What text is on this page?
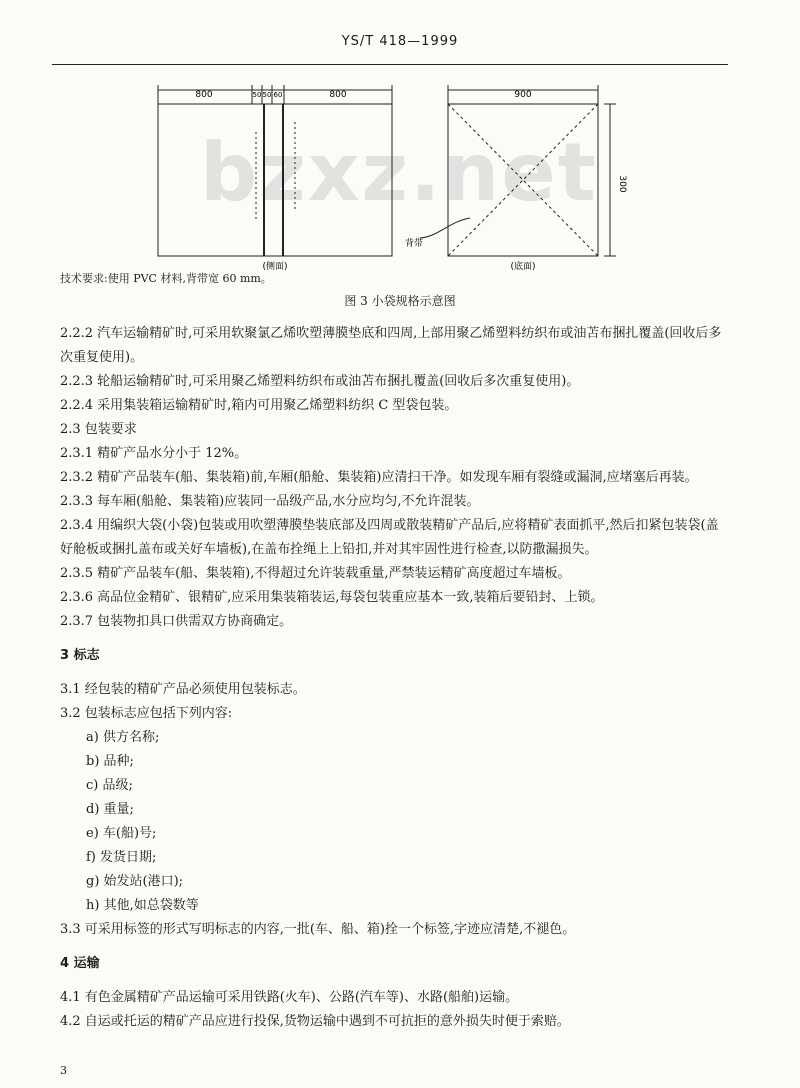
YS/T 418—1999
bzxz.net
800	50 50 60	800
(侧面)
900
300
背带
(底面)
技术要求:使用 PVC 材料,背带宽 60 mm。
图 3 小袋规格示意图

2.2.2 汽车运输精矿时,可采用软聚氯乙烯吹塑薄膜垫底和四周,上部用聚乙烯塑料纺织布或油苫布捆扎覆盖(回收后多次重复使用)。

2.2.3 轮船运输精矿时,可采用聚乙烯塑料纺织布或油苫布捆扎覆盖(回收后多次重复使用)。

2.2.4 采用集装箱运输精矿时,箱内可用聚乙烯塑料纺织 C 型袋包装。

2.3 包装要求

2.3.1 精矿产品水分小于 12%。

2.3.2 精矿产品装车(船、集装箱)前,车厢(船舱、集装箱)应清扫干净。如发现车厢有裂缝或漏洞,应堵塞后再装。

2.3.3 每车厢(船舱、集装箱)应装同一品级产品,水分应均匀,不允许混装。

2.3.4 用编织大袋(小袋)包装或用吹塑薄膜垫装底部及四周或散装精矿产品后,应将精矿表面抓平,然后扣紧包装袋(盖好舱板或捆扎盖布或关好车墙板),在盖布拴绳上上铅扣,并对其牢固性进行检查,以防撒漏损失。

2.3.5 精矿产品装车(船、集装箱),不得超过允许装载重量,严禁装运精矿高度超过车墙板。

2.3.6 高品位金精矿、银精矿,应采用集装箱装运,每袋包装重应基本一致,装箱后要铅封、上锁。

2.3.7 包装物扣具口供需双方协商确定。

3 标志

3.1 经包装的精矿产品必须使用包装标志。

3.2 包装标志应包括下列内容:

a) 供方名称;

b) 品种;

c) 品级;

d) 重量;

e) 车(船)号;

f) 发货日期;

g) 始发站(港口);

h) 其他,如总袋数等

3.3 可采用标签的形式写明标志的内容,一批(车、船、箱)拴一个标签,字迹应清楚,不褪色。

4 运输

4.1 有色金属精矿产品运输可采用铁路(火车)、公路(汽车等)、水路(船舶)运输。

4.2 自运或托运的精矿产品应进行投保,货物运输中遇到不可抗拒的意外损失时便于索赔。

3
